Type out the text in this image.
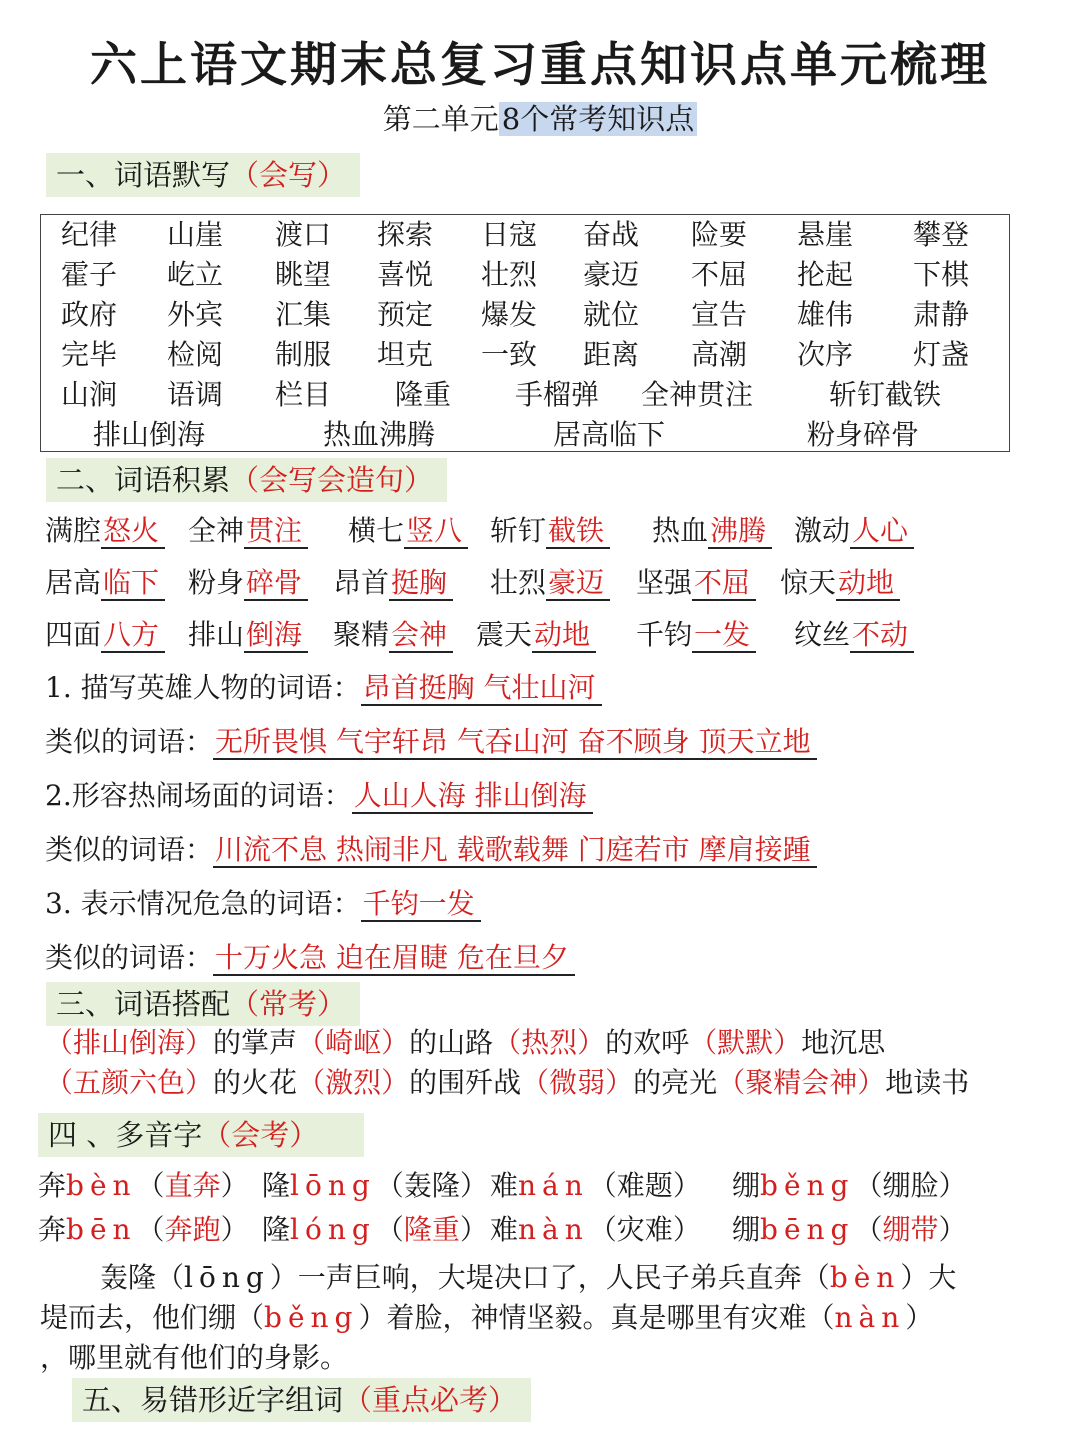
六上语文期末总复习重点知识点单元梳理
第二单元 8个常考知识点
一、词语默写（会写）
纪律 山崖 渡口 探索 日寇 奋战 险要 悬崖 攀登
霍子 屹立 眺望 喜悦 壮烈 豪迈 不屈 抡起 下棋
政府 外宾 汇集 预定 爆发 就位 宣告 雄伟 肃静
完毕 检阅 制服 坦克 一致 距离 高潮 次序 灯盏
山涧 语调 栏目 隆重 手榴弹 全神贯注	斩钉截铁
排山倒海	热血沸腾	居高临下	粉身碎骨
二、词语积累（会写会造句）
满腔怒火 全神贯注 横七竖八 斩钉截铁 热血沸腾 激动人心
居高临下 粉身碎骨 昂首挺胸 壮烈豪迈 坚强不屈 惊天动地
四面八方 排山倒海 聚精会神 震天动地 千钧一发 纹丝不动
1. 描写英雄人物的词语：昂首挺胸 气壮山河
类似的词语：无所畏惧 气宇轩昂 气吞山河 奋不顾身 顶天立地
2.形容热闹场面的词语：人山人海 排山倒海
类似的词语：川流不息 热闹非凡 载歌载舞 门庭若市 摩肩接踵
3. 表示情况危急的词语：千钧一发
类似的词语：十万火急 迫在眉睫 危在旦夕
三、词语搭配（常考）
（排山倒海）的掌声（崎岖）的山路（热烈）的欢呼（默默）地沉思
（五颜六色）的火花（激烈）的围歼战（微弱）的亮光（聚精会神）地读书
四 、多音字（会考）
奔bèn（直奔） 隆lōng（轰隆） 难nán（难题） 绷běng（绷脸）
奔bēn（奔跑） 隆lóng（隆重） 难nàn（灾难） 绷bēng（绷带）
轰隆（lōng）一声巨响，大堤决口了，人民子弟兵直奔（bèn）大
堤而去，他们绷（běng）着脸，神情坚毅。真是哪里有灾难（nàn）
，哪里就有他们的身影。
五、易错形近字组词（重点必考）
